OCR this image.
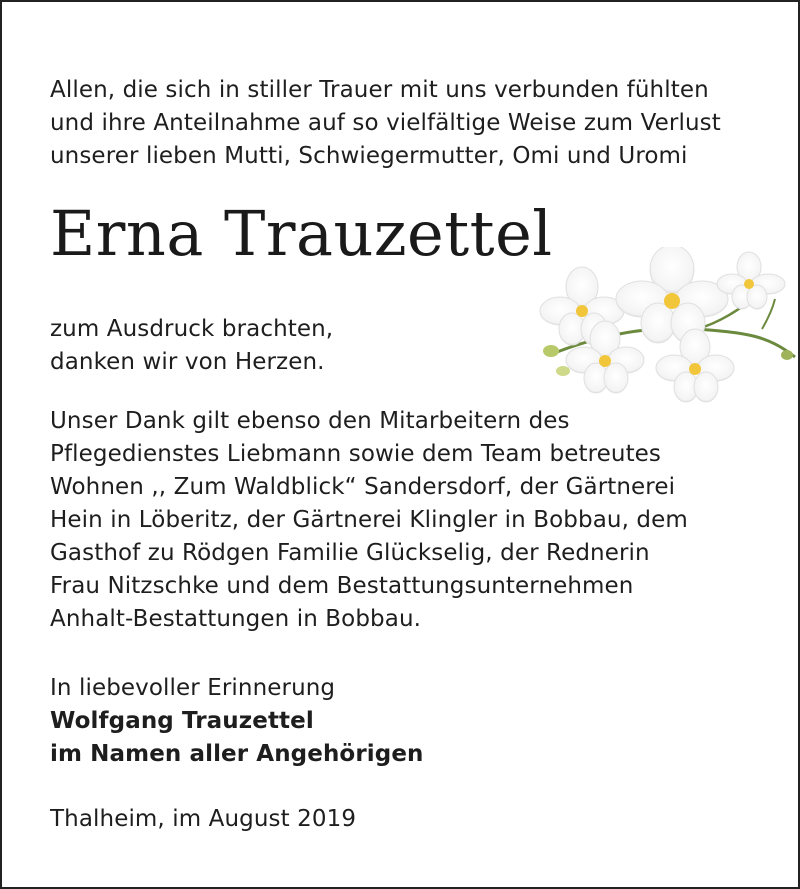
Allen, die sich in stiller Trauer mit uns verbunden fühlten
und ihre Anteilnahme auf so vielfältige Weise zum Verlust
unserer lieben Mutti, Schwiegermutter, Omi und Uromi
Erna Trauzettel
zum Ausdruck brachten,
danken wir von Herzen.
Unser Dank gilt ebenso den Mitarbeitern des
Pflegedienstes Liebmann sowie dem Team betreutes
Wohnen ,, Zum Waldblick“ Sandersdorf, der Gärtnerei
Hein in Löberitz, der Gärtnerei Klingler in Bobbau, dem
Gasthof zu Rödgen Familie Glückselig, der Rednerin
Frau Nitzschke und dem Bestattungsunternehmen
Anhalt-Bestattungen in Bobbau.
In liebevoller Erinnerung
Wolfgang Trauzettel
im Namen aller Angehörigen
Thalheim, im August 2019
